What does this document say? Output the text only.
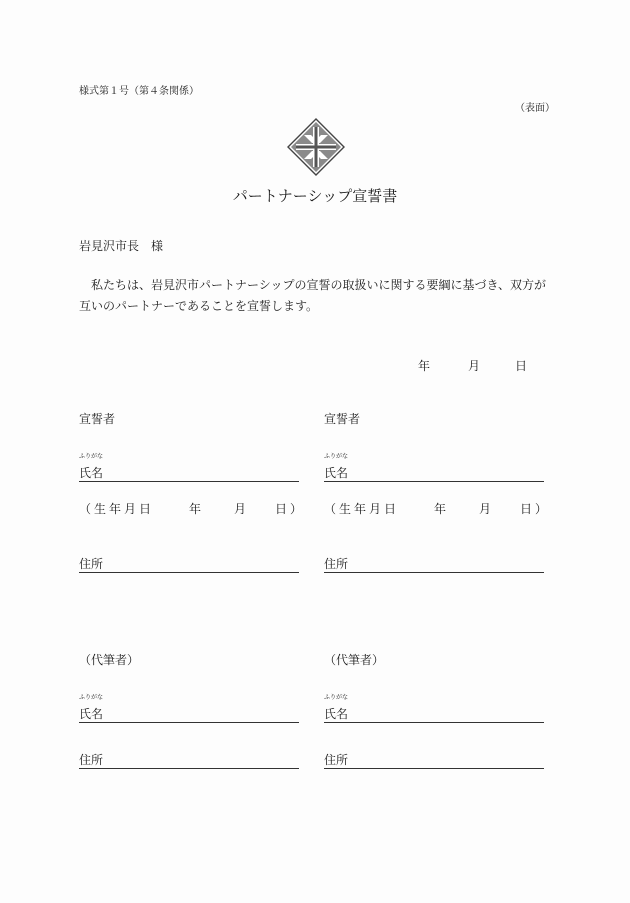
様式第１号（第４条関係）
（表面）
パートナーシップ宣誓書
岩見沢市長　様
私たちは、岩見沢市パートナーシップの宣誓の取扱いに関する要綱に基づき、双方が
互いのパートナーであることを宣誓します。
年	月	日
宣誓者
ふりがな
氏名
（生年月日	年	月 日 ）
住所
宣誓者
ふりがな
氏名
（生年月日	年	月 日 ）
住所
（代筆者）
ふりがな
氏名
住所
（代筆者）
ふりがな
氏名
住所
